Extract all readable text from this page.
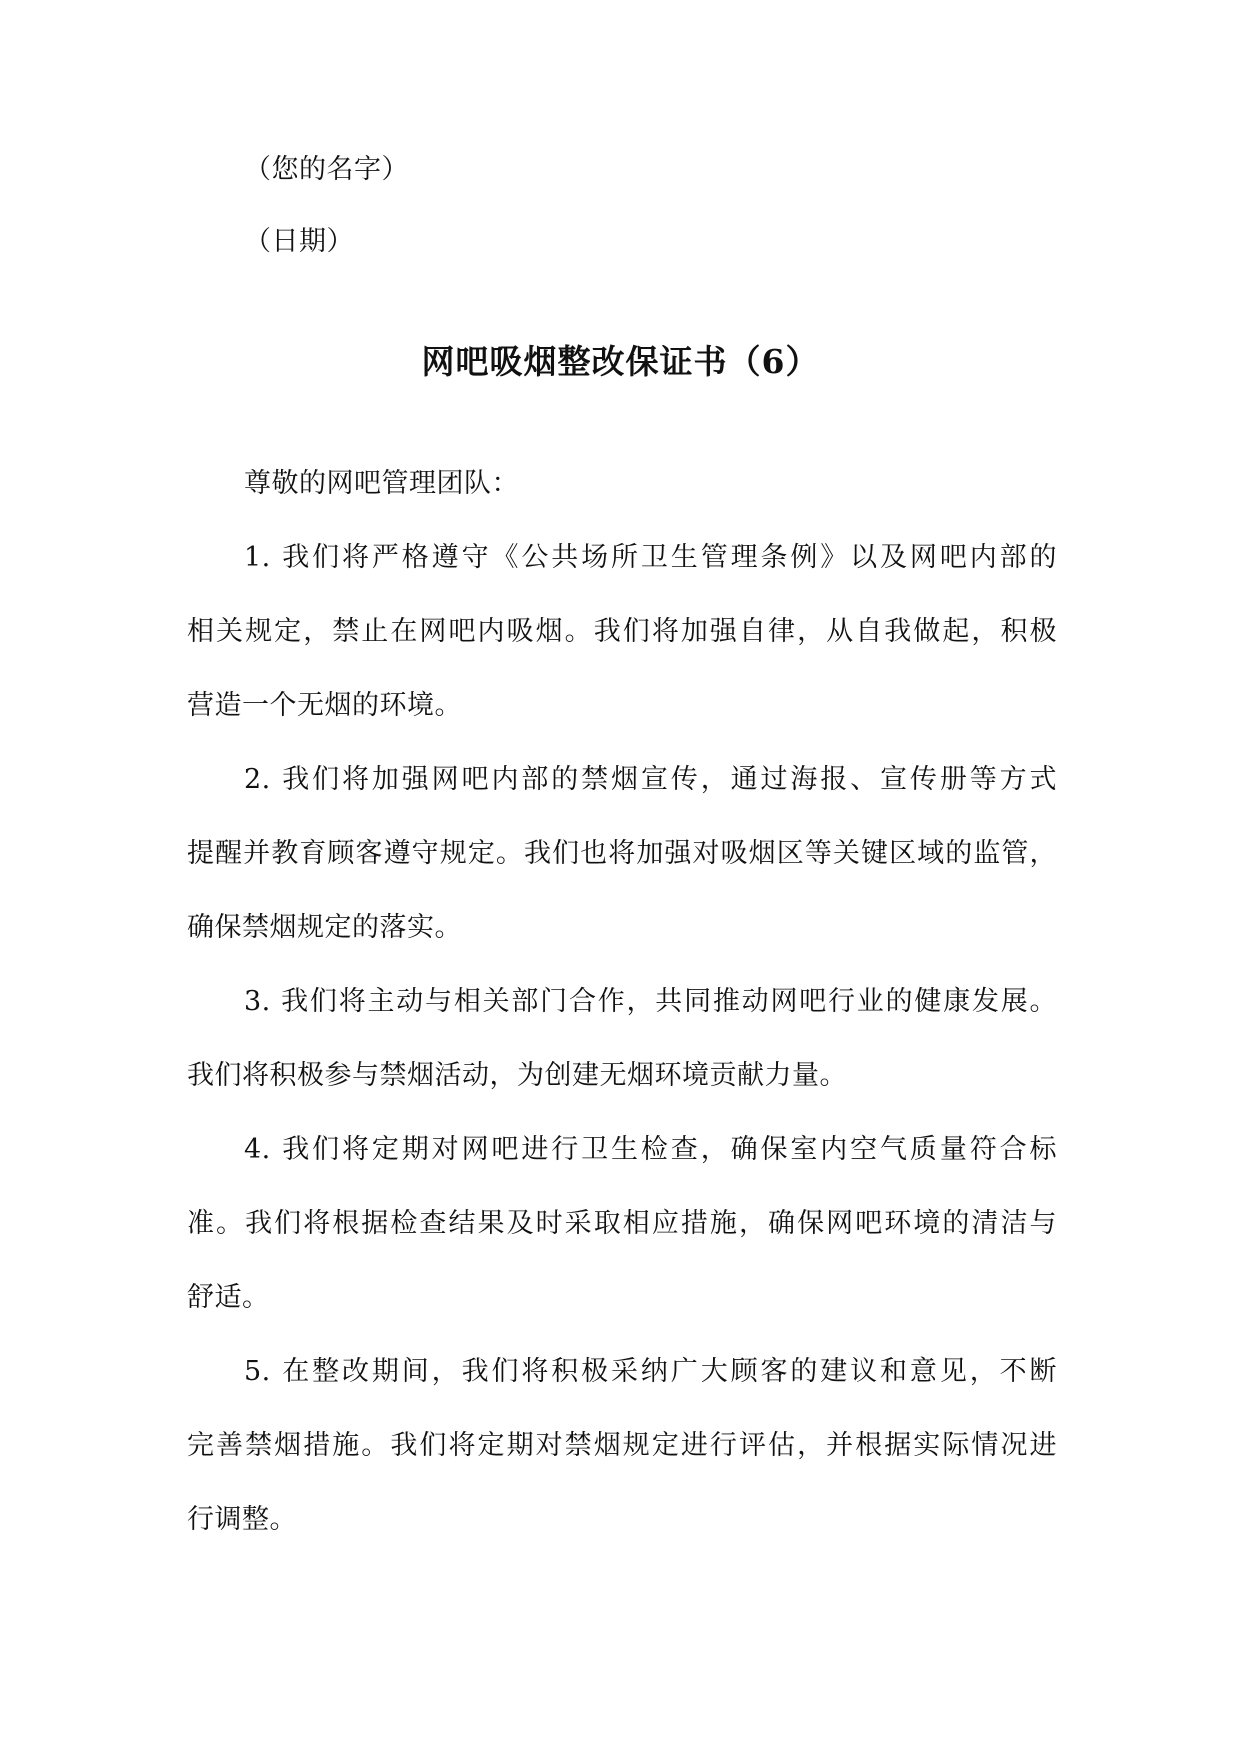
（您的名字）
（日期）
网吧吸烟整改保证书（6）
尊敬的网吧管理团队：
1. 我们将严格遵守《公共场所卫生管理条例》以及网吧内部的
相关规定，禁止在网吧内吸烟。我们将加强自律，从自我做起，积极
营造一个无烟的环境。
2. 我们将加强网吧内部的禁烟宣传，通过海报、宣传册等方式
提醒并教育顾客遵守规定。我们也将加强对吸烟区等关键区域的监管，
确保禁烟规定的落实。
3. 我们将主动与相关部门合作，共同推动网吧行业的健康发展。
我们将积极参与禁烟活动，为创建无烟环境贡献力量。
4. 我们将定期对网吧进行卫生检查，确保室内空气质量符合标
准。我们将根据检查结果及时采取相应措施，确保网吧环境的清洁与
舒适。
5. 在整改期间，我们将积极采纳广大顾客的建议和意见，不断
完善禁烟措施。我们将定期对禁烟规定进行评估，并根据实际情况进
行调整。
